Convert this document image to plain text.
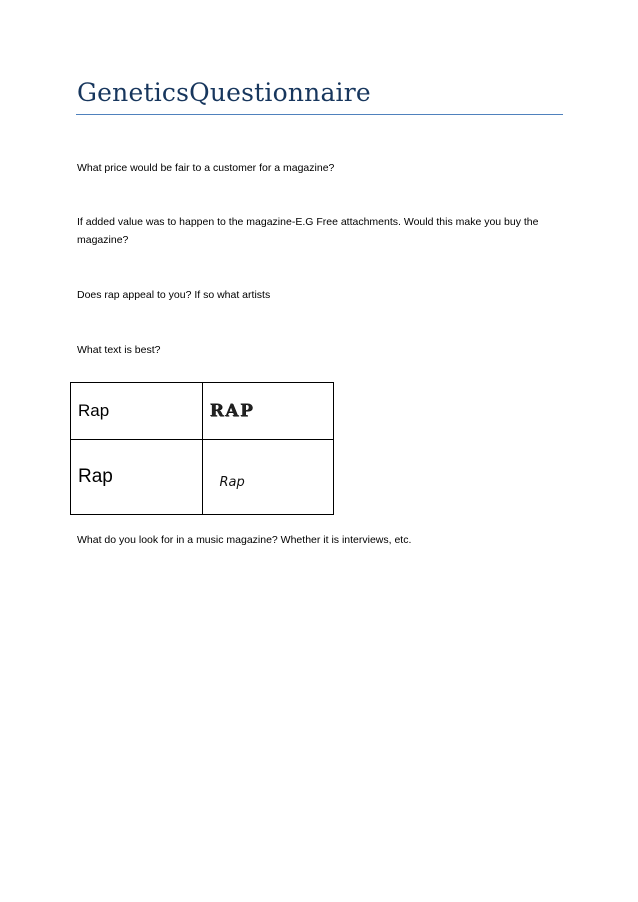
GeneticsQuestionnaire
What price would be fair to a customer for a magazine?
If added value was to happen to the magazine-E.G Free attachments. Would this make you buy the magazine?
Does rap appeal to you? If so what artists
What text is best?
Rap	RAP
Rap	Rap
What do you look for in a music magazine? Whether it is interviews, etc.
